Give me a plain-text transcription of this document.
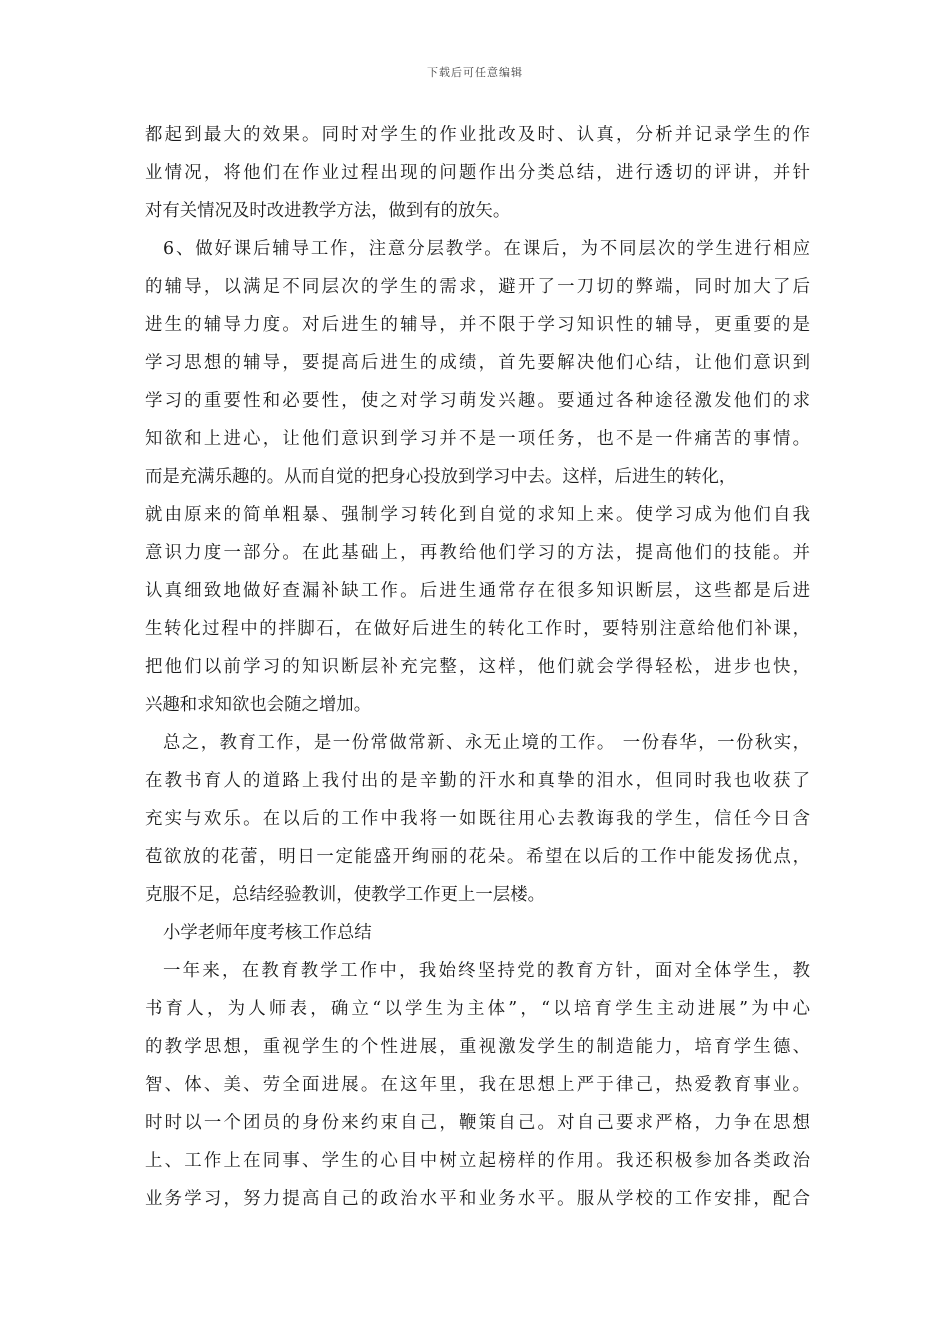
下载后可任意编辑
都起到最大的效果。同时对学生的作业批改及时、认真，分析并记录学生的作
业情况，将他们在作业过程出现的问题作出分类总结，进行透切的评讲，并针
对有关情况及时改进教学方法，做到有的放矢。
6、做好课后辅导工作，注意分层教学。在课后，为不同层次的学生进行相应
的辅导，以满足不同层次的学生的需求，避开了一刀切的弊端，同时加大了后
进生的辅导力度。对后进生的辅导，并不限于学习知识性的辅导，更重要的是
学习思想的辅导，要提高后进生的成绩，首先要解决他们心结，让他们意识到
学习的重要性和必要性，使之对学习萌发兴趣。要通过各种途径激发他们的求
知欲和上进心，让他们意识到学习并不是一项任务，也不是一件痛苦的事情。
而是充满乐趣的。从而自觉的把身心投放到学习中去。这样，后进生的转化，
就由原来的简单粗暴、强制学习转化到自觉的求知上来。使学习成为他们自我
意识力度一部分。在此基础上，再教给他们学习的方法，提高他们的技能。并
认真细致地做好查漏补缺工作。后进生通常存在很多知识断层，这些都是后进
生转化过程中的拌脚石，在做好后进生的转化工作时，要特别注意给他们补课，
把他们以前学习的知识断层补充完整，这样，他们就会学得轻松，进步也快，
兴趣和求知欲也会随之增加。
总之，教育工作，是一份常做常新、永无止境的工作。 一份春华，一份秋实，
在教书育人的道路上我付出的是辛勤的汗水和真挚的泪水，但同时我也收获了
充实与欢乐。在以后的工作中我将一如既往用心去教诲我的学生，信任今日含
苞欲放的花蕾，明日一定能盛开绚丽的花朵。希望在以后的工作中能发扬优点，
克服不足，总结经验教训，使教学工作更上一层楼。
小学老师年度考核工作总结
一年来，在教育教学工作中，我始终坚持党的教育方针，面对全体学生，教
书育人，为人师表，确立“以学生为主体”，“以培育学生主动进展”为中心
的教学思想，重视学生的个性进展，重视激发学生的制造能力，培育学生德、
智、体、美、劳全面进展。在这年里，我在思想上严于律己，热爱教育事业。
时时以一个团员的身份来约束自己，鞭策自己。对自己要求严格，力争在思想
上、工作上在同事、学生的心目中树立起榜样的作用。我还积极参加各类政治
业务学习，努力提高自己的政治水平和业务水平。服从学校的工作安排，配合
